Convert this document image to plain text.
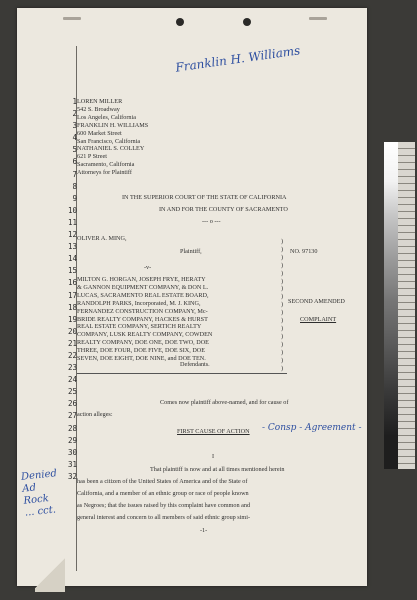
1
2
3
4
5
6
7
8
9
10
11
12
13
14
15
16
17
18
19
20
21
22
23
24
25
26
27
28
29
30
31
32
Franklin H. Williams
LOREN MILLER
542 S. Broadway
Los Angeles, California
FRANKLIN H. WILLIAMS
600 Market Street
San Francisco, California
NATHANIEL S. COLLEY
621 P Street
Sacramento, California
Attorneys for Plaintiff
IN THE SUPERIOR COURT OF THE STATE OF CALIFORNIA
IN AND FOR THE COUNTY OF SACRAMENTO
--- o ---
OLIVER A. MING,
Plaintiff,
-v-
MILTON G. HORGAN, JOSEPH FRYE, HERATY
& GANNON EQUIPMENT COMPANY, & DON L.
LUCAS, SACRAMENTO REAL ESTATE BOARD,
RANDOLPH PARKS, Incorporated, M. J. KING,
FERNANDEZ CONSTRUCTION COMPANY, Mc-
BRIDE REALTY COMPANY, HACKES & HURST
REAL ESTATE COMPANY, SERTICH REALTY
COMPANY, LUSK REALTY COMPANY, COWDEN
REALTY COMPANY, DOE ONE, DOE TWO, DOE
THREE, DOE FOUR, DOE FIVE, DOE SIX, DOE
SEVEN, DOE EIGHT, DOE NINE, and DOE TEN.
Defendants.

NO. 97130
SECOND AMENDED
COMPLAINT
Comes now plaintiff above-named, and for cause of
action alleges:
FIRST CAUSE OF ACTION - Consp - Agreement -
I
That plaintiff is now and at all times mentioned herein
has been a citizen of the United States of America and of the State of
California, and a member of an ethnic group or race of people known
as Negroes; that the issues raised by this complaint have common and
general interest and concern to all members of said ethnic group simi-
-1-
)
)
)
)
)
)
)
)
)
)
)
)
)
)
)
)
)
Denied Ad Rock ... cct.
